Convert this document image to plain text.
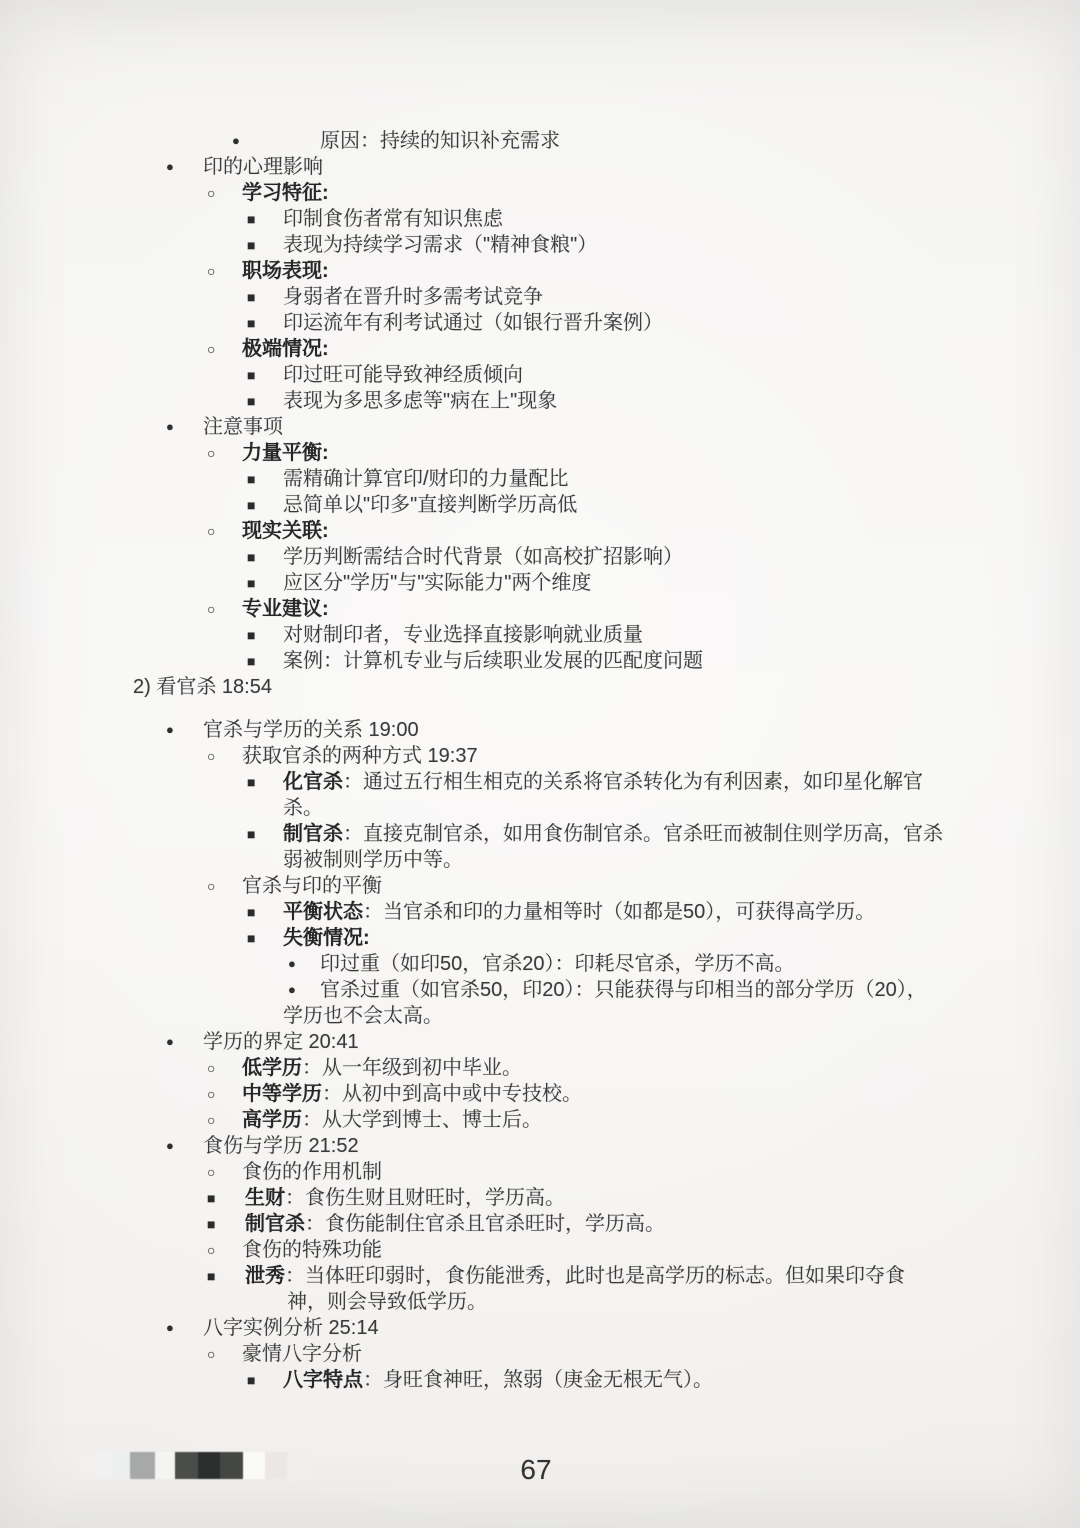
●	原因：持续的知识补充需求
● 印的心理影响
○ 学习特征:
■ 印制食伤者常有知识焦虑
■ 表现为持续学习需求（"精神食粮"）
○ 职场表现:
■ 身弱者在晋升时多需考试竞争
■ 印运流年有利考试通过（如银行晋升案例）
○ 极端情况:
■ 印过旺可能导致神经质倾向
■ 表现为多思多虑等"病在上"现象
● 注意事项
○ 力量平衡:
■ 需精确计算官印/财印的力量配比
■ 忌简单以"印多"直接判断学历高低
○ 现实关联:
■ 学历判断需结合时代背景（如高校扩招影响）
■ 应区分"学历"与"实际能力"两个维度
○ 专业建议:
■ 对财制印者，专业选择直接影响就业质量
■ 案例：计算机专业与后续职业发展的匹配度问题
2) 看官杀 18:54
● 官杀与学历的关系 19:00
○ 获取官杀的两种方式 19:37
■ 化官杀：通过五行相生相克的关系将官杀转化为有利因素，如印星化解官
杀。
■ 制官杀：直接克制官杀，如用食伤制官杀。官杀旺而被制住则学历高，官杀
弱被制则学历中等。
○ 官杀与印的平衡
■ 平衡状态：当官杀和印的力量相等时（如都是50），可获得高学历。
■ 失衡情况:
● 印过重（如印50，官杀20）：印耗尽官杀，学历不高。
● 官杀过重（如官杀50，印20）：只能获得与印相当的部分学历（20），
学历也不会太高。
● 学历的界定 20:41
○ 低学历：从一年级到初中毕业。
○ 中等学历：从初中到高中或中专技校。
○ 高学历：从大学到博士、博士后。
● 食伤与学历 21:52
○ 食伤的作用机制
■ 生财：食伤生财且财旺时，学历高。
■ 制官杀：食伤能制住官杀且官杀旺时，学历高。
○ 食伤的特殊功能
■ 泄秀：当体旺印弱时，食伤能泄秀，此时也是高学历的标志。但如果印夺食
神，则会导致低学历。
● 八字实例分析 25:14
○ 豪情八字分析
■ 八字特点：身旺食神旺，煞弱（庚金无根无气）。
67
